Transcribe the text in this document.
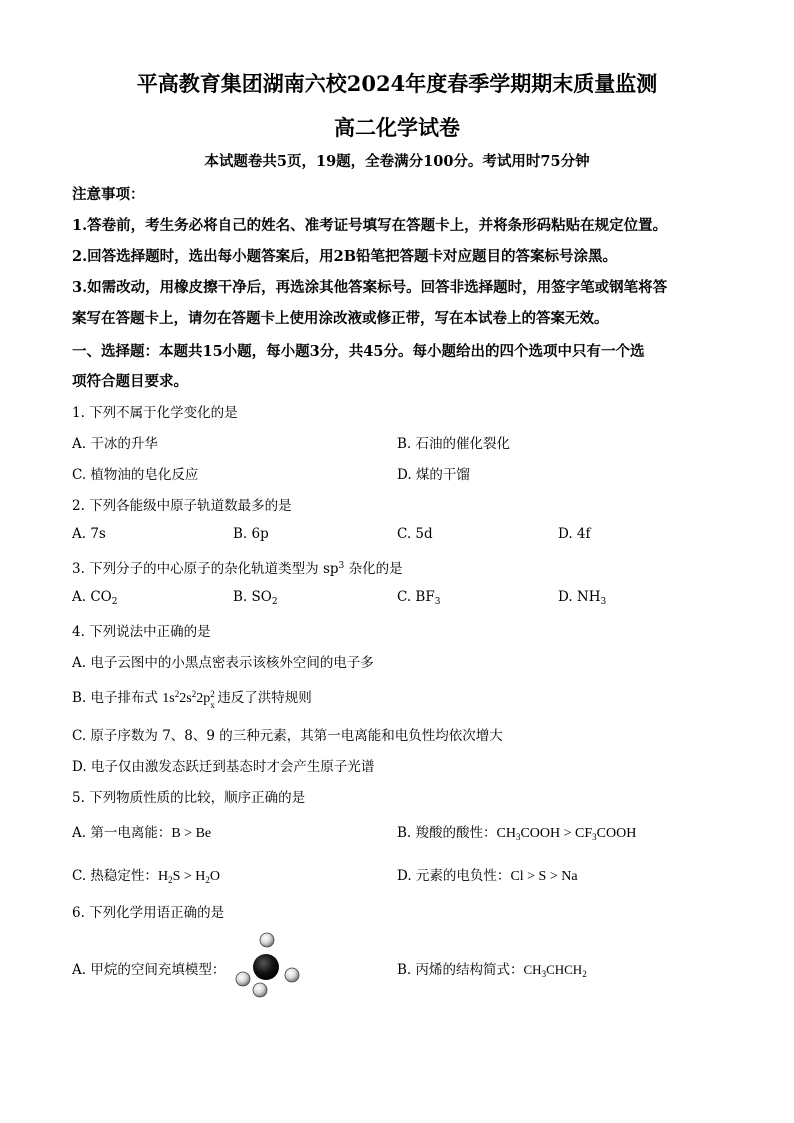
平高教育集团湖南六校2024年度春季学期期末质量监测
高二化学试卷
本试题卷共5页，19题，全卷满分100分。考试用时75分钟
注意事项：
1.答卷前，考生务必将自己的姓名、准考证号填写在答题卡上，并将条形码粘贴在规定位置。
2.回答选择题时，选出每小题答案后，用2B铅笔把答题卡对应题目的答案标号涂黑。
3.如需改动，用橡皮擦干净后，再选涂其他答案标号。回答非选择题时，用签字笔或钢笔将答
案写在答题卡上，请勿在答题卡上使用涂改液或修正带，写在本试卷上的答案无效。
一、选择题：本题共15小题，每小题3分，共45分。每小题给出的四个选项中只有一个选
项符合题目要求。
1. 下列不属于化学变化的是
A. 干冰的升华	B. 石油的催化裂化
C. 植物油的皂化反应	D. 煤的干馏
2. 下列各能级中原子轨道数最多的是
A. 7s	B. 6p	C. 5d	D. 4f
3. 下列分子的中心原子的杂化轨道类型为 $sp^3$ 杂化的是
A. $CO_2$	B. $SO_2$	C. $BF_3$	D. $NH_3$
4. 下列说法中正确的是
A. 电子云图中的小黑点密表示该核外空间的电子多
B. 电子排布式 $1s^22s^22p$ 2
x 违反了洪特规则
C. 原子序数为 7、8、9 的三种元素，其第一电离能和电负性均依次增大
D. 电子仅由激发态跃迁到基态时才会产生原子光谱
5. 下列物质性质的比较，顺序正确的是
A. 第一电离能：B > Be	B. 羧酸的酸性：$CH_3COOH$ > $CF_3COOH$
C. 热稳定性：$H_2S > H_2O$	D. 元素的电负性：Cl > S > Na
6. 下列化学用语正确的是
A. 甲烷的空间充填模型：	B. 丙烯的结构简式：$CH_3CHCH_2$
